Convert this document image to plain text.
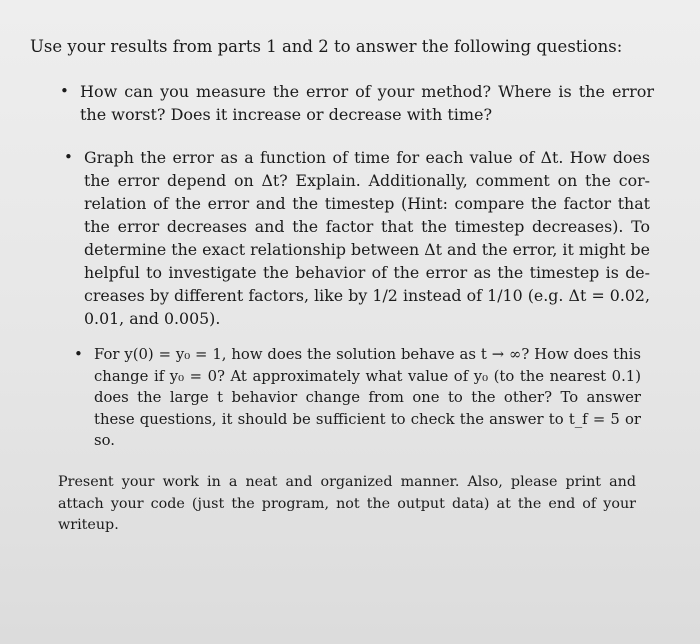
Use your results from parts 1 and 2 to answer the following questions:

• How can you measure the error of your method? Where is the error the worst? Does it increase or decrease with time?

• Graph the error as a function of time for each value of Δt. How does the error depend on Δt? Explain. Additionally, comment on the cor-relation of the error and the timestep (Hint: compare the factor that the error decreases and the factor that the timestep decreases). To determine the exact relationship between Δt and the error, it might be helpful to investigate the behavior of the error as the timestep is de-creases by different factors, like by 1/2 instead of 1/10 (e.g. Δt = 0.02, 0.01, and 0.005).

• For y(0) = y₀ = 1, how does the solution behave as t → ∞? How does this change if y₀ = 0? At approximately what value of y₀ (to the nearest 0.1) does the large t behavior change from one to the other? To answer these questions, it should be sufficient to check the answer to t_f = 5 or so.

Present your work in a neat and organized manner. Also, please print and attach your code (just the program, not the output data) at the end of your writeup.
